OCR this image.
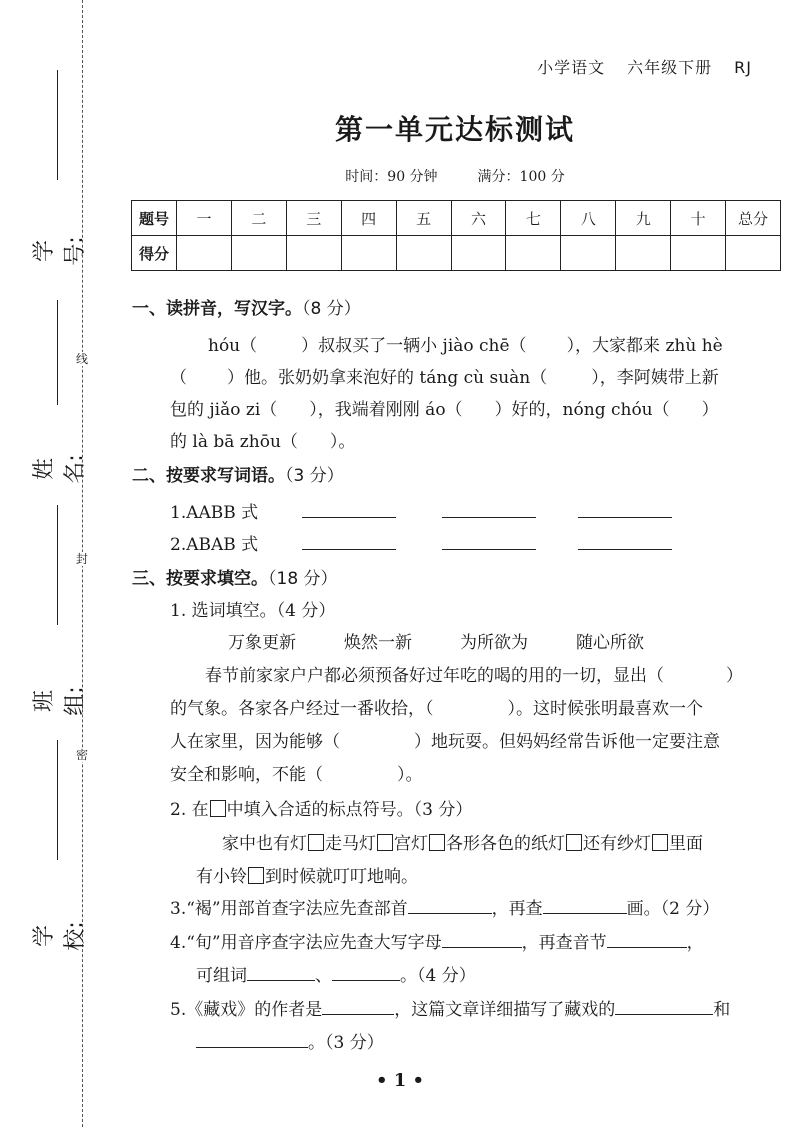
线
封
密
学号:
姓名:
班组:
学校:
小学语文 六年级下册 RJ
第一单元达标测试
时间：90 分钟	满分：100 分
题号	一	二	三	四	五	六	七	八	九	十	总分
得分											
一、读拼音，写汉字。（8 分）
hóu（	）叔叔买了一辆小 jiào chē（ ），大家都来 zhù hè
（ ）他。张奶奶拿来泡好的 táng cù suàn（	），李阿姨带上新
包的 jiǎo zi（ ），我端着刚刚 áo（ ）好的，nóng chóu（ ）
的 là bā zhōu（ ）。
二、按要求写词语。（3 分）
1.AABB 式
2.ABAB 式
三、按要求填空。（18 分）
1. 选词填空。（4 分）
万象更新	焕然一新	为所欲为	随心所欲
春节前家家户户都必须预备好过年吃的喝的用的一切，显出（	）
的气象。各家各户经过一番收拾，（	）。这时候张明最喜欢一个
人在家里，因为能够（	）地玩耍。但妈妈经常告诉他一定要注意
安全和影响，不能（	）。
2. 在 中填入合适的标点符号。（3 分）
家中也有灯 走马灯 宫灯 各形各色的纸灯 还有纱灯 里面
有小铃 到时候就叮叮地响。
3.“褐”用部首查字法应先查部首	，再查	画。（2 分）
4.“旬”用音序查字法应先查大写字母	，再查音节	，
可组词	、	。（4 分）
5.《藏戏》的作者是	，这篇文章详细描写了藏戏的	和
。（3 分）
• 1 •
